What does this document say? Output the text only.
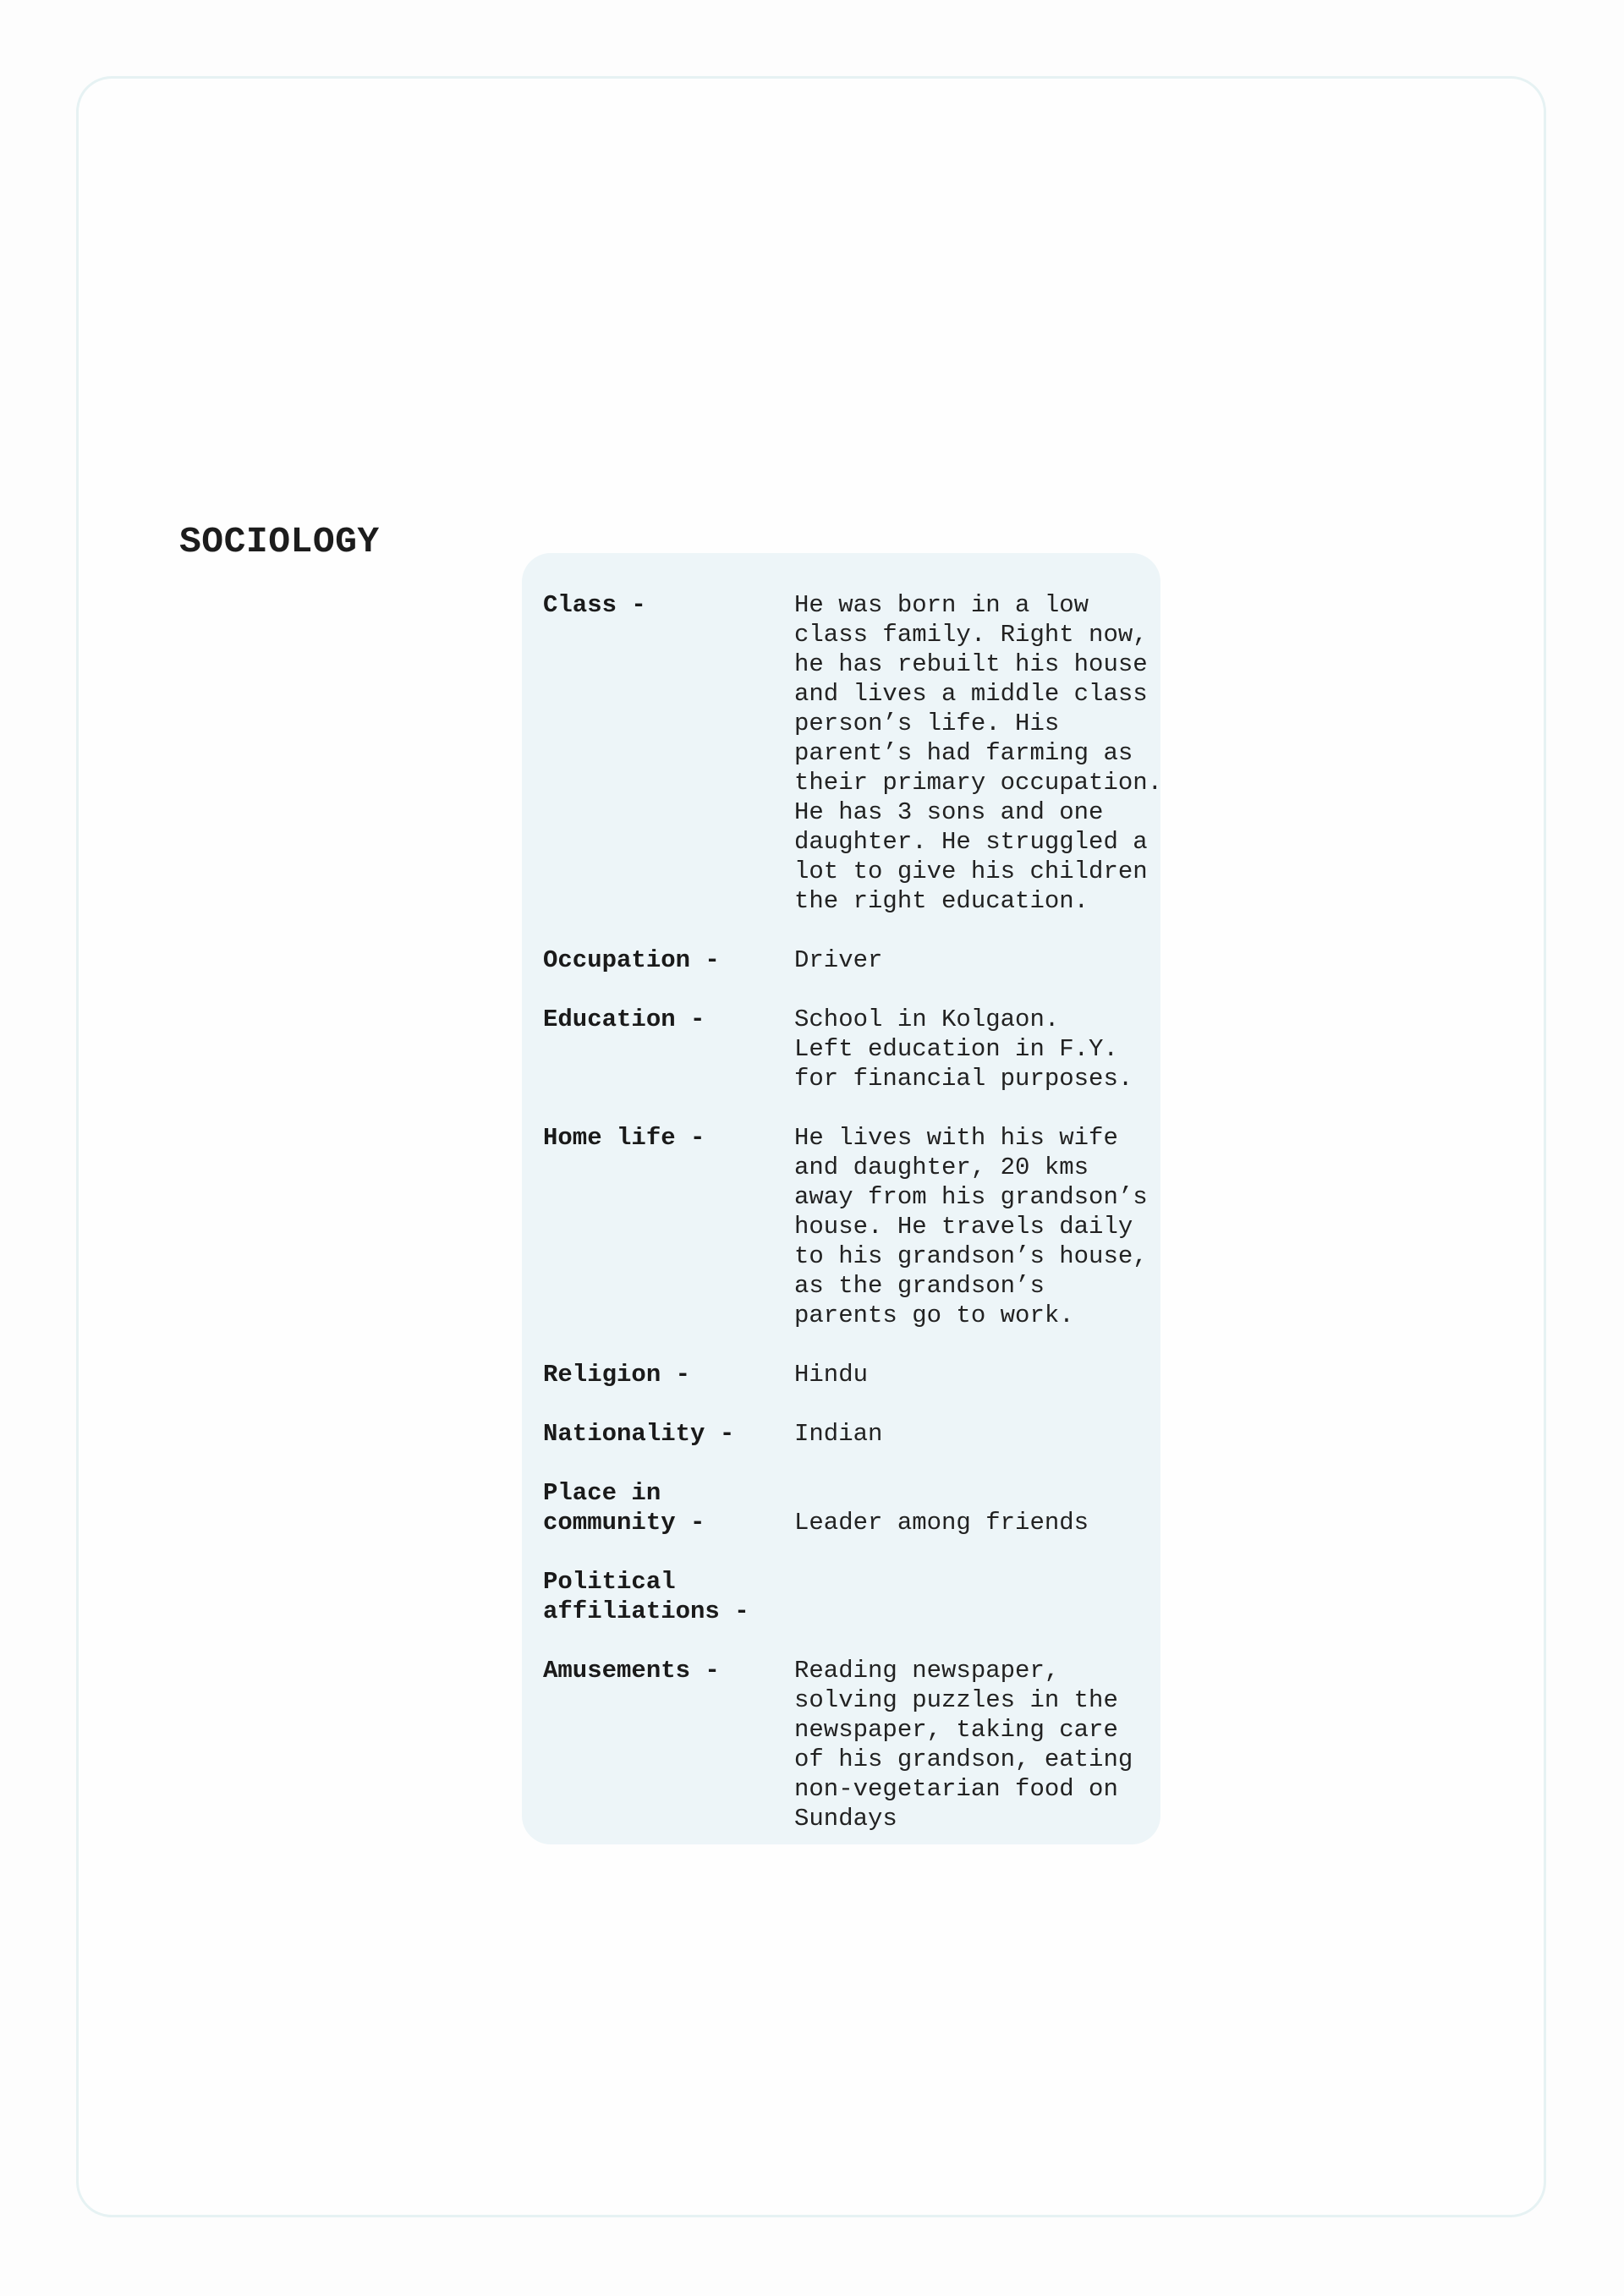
SOCIOLOGY
Class -	He was born in a low
class family. Right now,
he has rebuilt his house
and lives a middle class
person’s life. His
parent’s had farming as
their primary occupation.
He has 3 sons and one
daughter. He struggled a
lot to give his children
the right education.
Occupation -	Driver
Education -	School in Kolgaon.
Left education in F.Y.
for financial purposes.
Home life -	He lives with his wife
and daughter, 20 kms
away from his grandson’s
house. He travels daily
to his grandson’s house,
as the grandson’s
parents go to work.
Religion -	Hindu
Nationality -	Indian
Place in
community -	Leader among friends
Political
affiliations -
Amusements -	Reading newspaper,
solving puzzles in the
newspaper, taking care
of his grandson, eating
non-vegetarian food on
Sundays
